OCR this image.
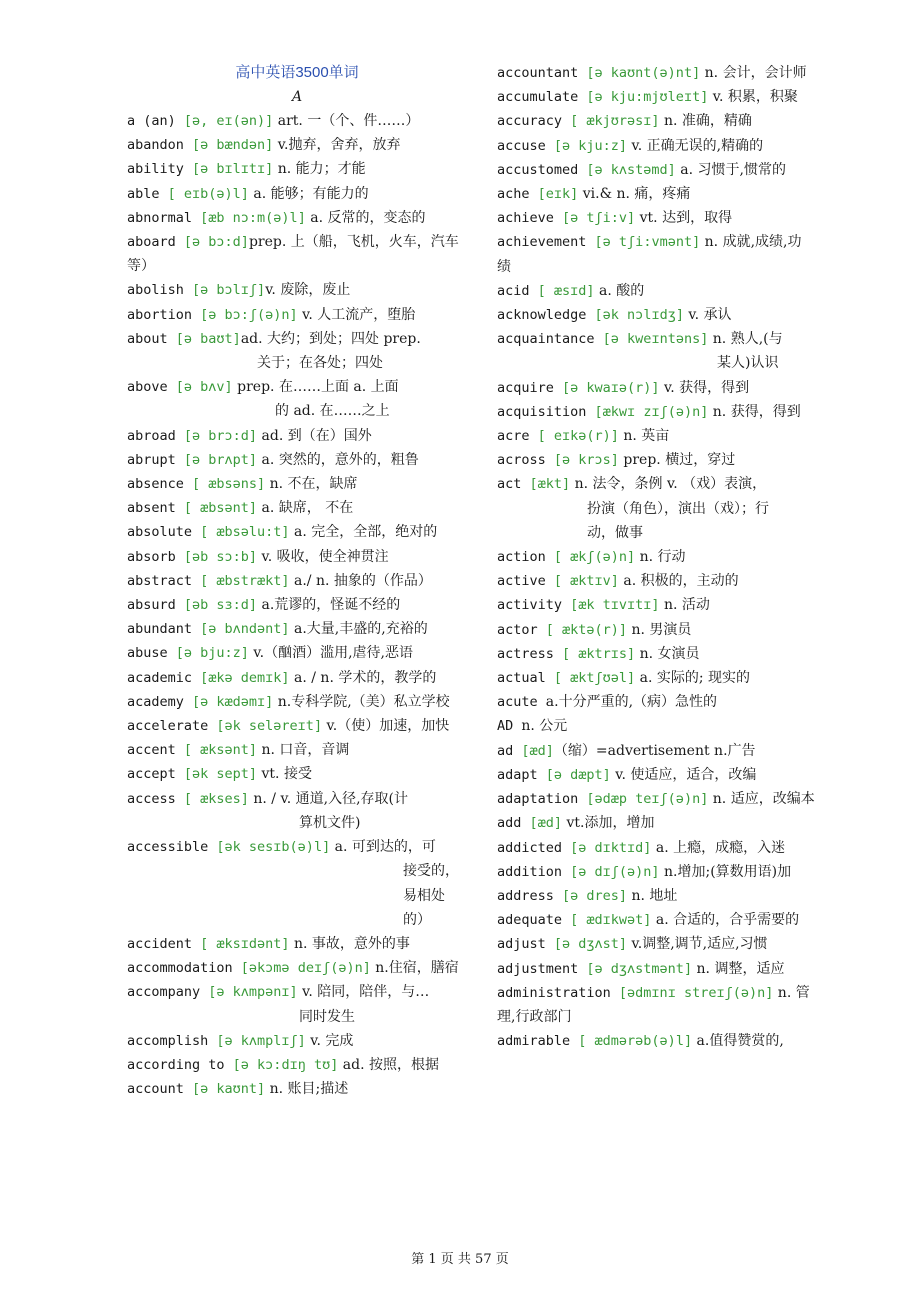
高中英语3500单词
A
a (an) [ə, eɪ(ən)] art. 一（个、件……）
abandon [ə bændən] v.抛弃，舍弃，放弃
ability [ə bɪlɪtɪ] n. 能力；才能
able [ eɪb(ə)l] a. 能够；有能力的
abnormal [æb nɔ:m(ə)l] a. 反常的，变态的
aboard [ə bɔ:d]prep. 上（船，飞机，火车，汽车等）
abolish [ə bɔlɪʃ]v. 废除，废止
abortion [ə bɔ:ʃ(ə)n] v. 人工流产，堕胎
about [ə baʊt]ad. 大约；到处；四处 prep.
关于；在各处；四处
above [ə bʌv] prep. 在……上面 a. 上面
的 ad. 在……之上
abroad [ə brɔ:d] ad. 到（在）国外
abrupt [ə brʌpt] a. 突然的，意外的，粗鲁
absence [ æbsəns] n. 不在，缺席
absent [ æbsənt] a. 缺席， 不在
absolute [ æbsəlu:t] a. 完全，全部，绝对的
absorb [əb sɔ:b] v. 吸收，使全神贯注
abstract [ æbstrækt] a./ n. 抽象的（作品）
absurd [əb sɜ:d] a.荒谬的，怪诞不经的
abundant [ə bʌndənt] a.大量,丰盛的,充裕的
abuse [ə bju:z] v.（酗酒）滥用,虐待,恶语
academic [ækə demɪk] a. / n. 学术的，教学的
academy [ə kædəmɪ] n.专科学院,（美）私立学校
accelerate [ək seləreɪt] v.（使）加速，加快
accent [ æksənt] n. 口音，音调
accept [ək sept] vt. 接受
access [ ækses] n. / v. 通道,入径,存取(计
算机文件)
accessible [ək sesɪb(ə)l] a. 可到达的，可
接受的，
易相处
的）
accident [ æksɪdənt] n. 事故，意外的事
accommodation [əkɔmə deɪʃ(ə)n] n.住宿，膳宿
accompany [ə kʌmpənɪ] v. 陪同，陪伴，与…
同时发生
accomplish [ə kʌmplɪʃ] v. 完成
according to [ə kɔ:dɪŋ tʊ] ad. 按照，根据
account [ə kaʊnt] n. 账目;描述
accountant [ə kaʊnt(ə)nt] n. 会计，会计师
accumulate [ə kju:mjʊleɪt] v. 积累，积聚
accuracy [ ækjʊrəsɪ] n. 准确，精确
accuse [ə kju:z] v. 正确无误的,精确的
accustomed [ə kʌstəmd] a. 习惯于,惯常的
ache [eɪk] vi.& n. 痛，疼痛
achieve [ə tʃi:v] vt. 达到，取得
achievement [ə tʃi:vmənt] n. 成就,成绩,功绩
acid [ æsɪd] a. 酸的
acknowledge [ək nɔlɪdʒ] v. 承认
acquaintance [ə kweɪntəns] n. 熟人,(与
某人)认识
acquire [ə kwaɪə(r)] v. 获得，得到
acquisition [ækwɪ zɪʃ(ə)n] n. 获得，得到
acre [ eɪkə(r)] n. 英亩
across [ə krɔs] prep. 横过，穿过
act [ækt] n. 法令，条例 v. （戏）表演，
扮演（角色），演出（戏）；行
动，做事
action [ ækʃ(ə)n] n. 行动
active [ æktɪv] a. 积极的，主动的
activity [æk tɪvɪtɪ] n. 活动
actor [ æktə(r)] n. 男演员
actress [ æktrɪs] n. 女演员
actual [ æktʃʊəl] a. 实际的; 现实的
acute a.十分严重的,（病）急性的
AD n. 公元
ad [æd]（缩）=advertisement n.广告
adapt [ə dæpt] v. 使适应，适合，改编
adaptation [ədæp teɪʃ(ə)n] n. 适应，改编本
add [æd] vt.添加，增加
addicted [ə dɪktɪd] a. 上瘾，成瘾，入迷
addition [ə dɪʃ(ə)n] n.增加;(算数用语)加
address [ə dres] n. 地址
adequate [ ædɪkwət] a. 合适的，合乎需要的
adjust [ə dʒʌst] v.调整,调节,适应,习惯
adjustment [ə dʒʌstmənt] n. 调整，适应
administration [ədmɪnɪ streɪʃ(ə)n] n. 管理,行政部门
admirable [ ædmərəb(ə)l] a.值得赞赏的,
第 1 页 共 57 页
